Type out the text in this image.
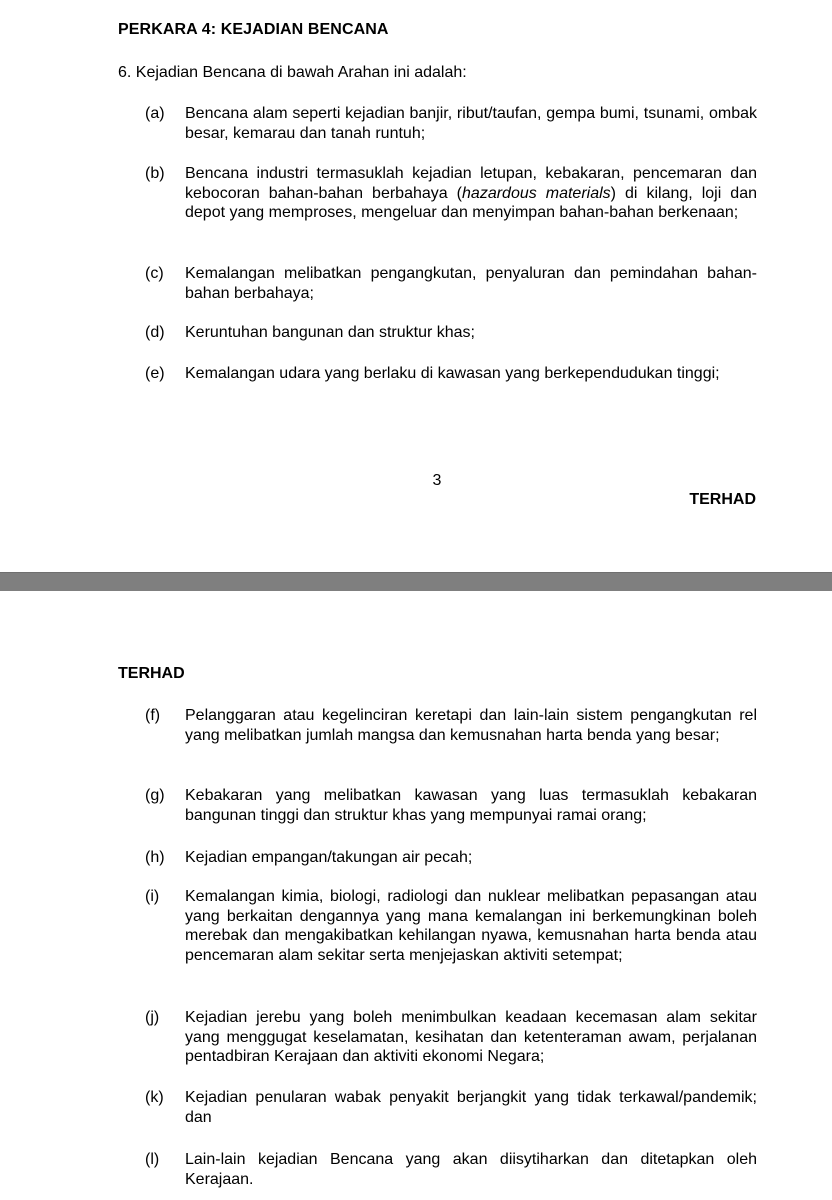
PERKARA 4: KEJADIAN BENCANA
6. Kejadian Bencana di bawah Arahan ini adalah:
(a)	Bencana alam seperti kejadian banjir, ribut/taufan, gempa bumi, tsunami, ombak besar, kemarau dan tanah runtuh;
(b)	Bencana industri termasuklah kejadian letupan, kebakaran, pencemaran dan kebocoran bahan-bahan berbahaya (hazardous materials) di kilang, loji dan depot yang memproses, mengeluar dan menyimpan bahan-bahan berkenaan;
(c)	Kemalangan melibatkan pengangkutan, penyaluran dan pemindahan bahan-bahan berbahaya;
(d)	Keruntuhan bangunan dan struktur khas;
(e)	Kemalangan udara yang berlaku di kawasan yang berkependudukan tinggi;
3
TERHAD
TERHAD
(f)	Pelanggaran atau kegelinciran keretapi dan lain-lain sistem pengangkutan rel yang melibatkan jumlah mangsa dan kemusnahan harta benda yang besar;
(g)	Kebakaran yang melibatkan kawasan yang luas termasuklah kebakaran bangunan tinggi dan struktur khas yang mempunyai ramai orang;
(h)	Kejadian empangan/takungan air pecah;
(i)	Kemalangan kimia, biologi, radiologi dan nuklear melibatkan pepasangan atau yang berkaitan dengannya yang mana kemalangan ini berkemungkinan boleh merebak dan mengakibatkan kehilangan nyawa, kemusnahan harta benda atau pencemaran alam sekitar serta menjejaskan aktiviti setempat;
(j)	Kejadian jerebu yang boleh menimbulkan keadaan kecemasan alam sekitar yang menggugat keselamatan, kesihatan dan ketenteraman awam, perjalanan pentadbiran Kerajaan dan aktiviti ekonomi Negara;
(k)	Kejadian penularan wabak penyakit berjangkit yang tidak terkawal/pandemik; dan
(l)	Lain-lain kejadian Bencana yang akan diisytiharkan dan ditetapkan oleh Kerajaan.
